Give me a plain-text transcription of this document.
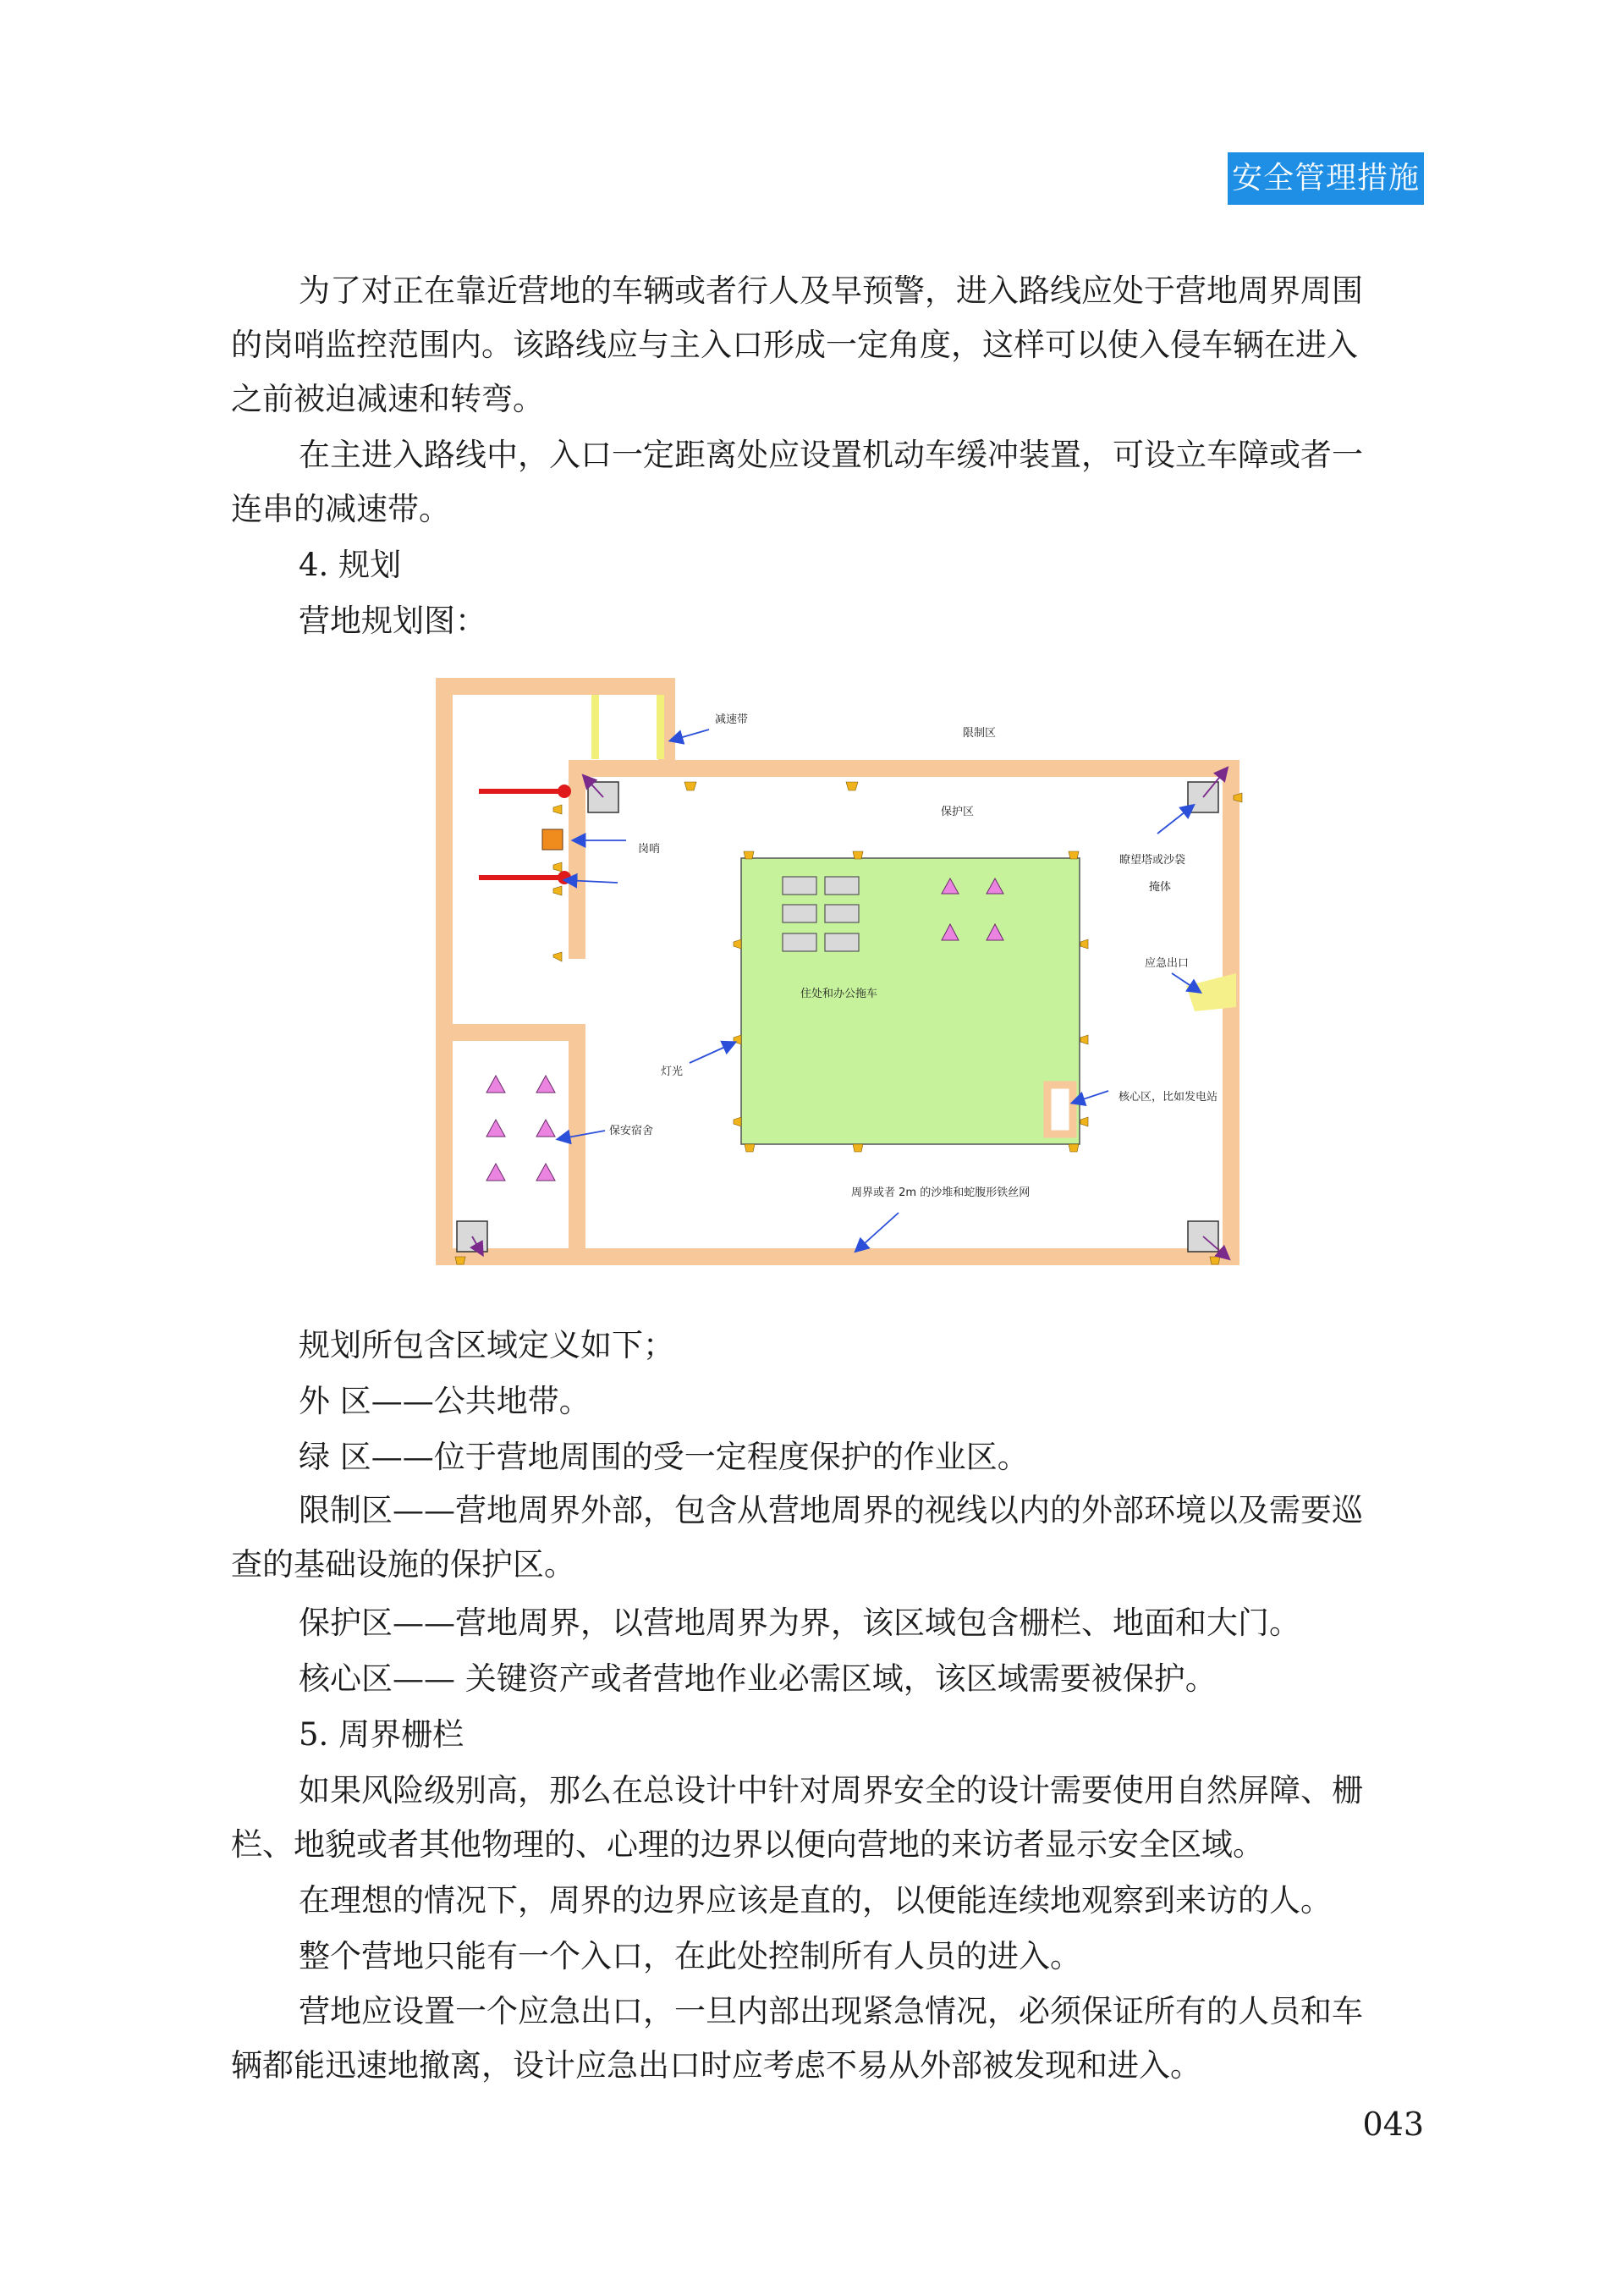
安全管理措施
为了对正在靠近营地的车辆或者行人及早预警，进入路线应处于营地周界周围
的岗哨监控范围内。该路线应与主入口形成一定角度，这样可以使入侵车辆在进入
之前被迫减速和转弯。
在主进入路线中，入口一定距离处应设置机动车缓冲装置，可设立车障或者一
连串的减速带。
4. 规划
营地规划图：
减速带
限制区
保护区
岗哨
瞭望塔或沙袋
掩体
应急出口
住处和办公拖车
灯光
核心区，比如发电站
保安宿舍
周界或者 2m 的沙堆和蛇腹形铁丝网
规划所包含区域定义如下；
外 区——公共地带。
绿 区——位于营地周围的受一定程度保护的作业区。
限制区——营地周界外部，包含从营地周界的视线以内的外部环境以及需要巡
查的基础设施的保护区。
保护区——营地周界，以营地周界为界，该区域包含栅栏、地面和大门。
核心区—— 关键资产或者营地作业必需区域，该区域需要被保护。
5. 周界栅栏
如果风险级别高，那么在总设计中针对周界安全的设计需要使用自然屏障、栅
栏、地貌或者其他物理的、心理的边界以便向营地的来访者显示安全区域。
在理想的情况下，周界的边界应该是直的，以便能连续地观察到来访的人。
整个营地只能有一个入口，在此处控制所有人员的进入。
营地应设置一个应急出口，一旦内部出现紧急情况，必须保证所有的人员和车
辆都能迅速地撤离，设计应急出口时应考虑不易从外部被发现和进入。
043
